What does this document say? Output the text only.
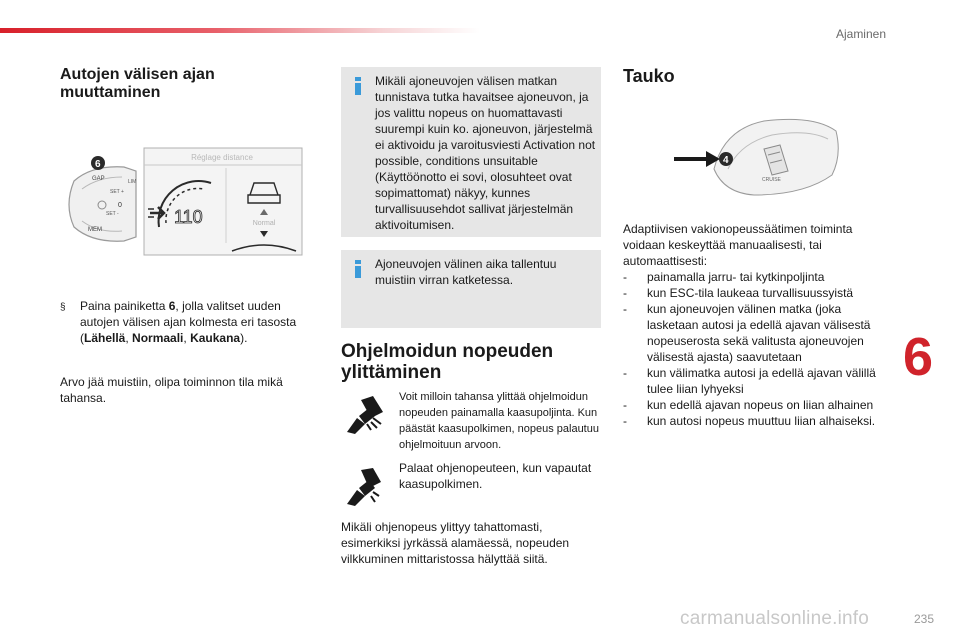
Ajaminen
6
carmanualsonline.info	235
Autojen välisen ajan muuttaminen
GAP
SET +
SET -
MEM
LIM
0
6
Réglage distance
110	Normal
§	Paina painiketta 6, jolla valitset uuden autojen välisen ajan kolmesta eri tasosta (Lähellä, Normaali, Kaukana).
Arvo jää muistiin, olipa toiminnon tila mikä tahansa.
Mikäli ajoneuvojen välisen matkan tunnistava tutka havaitsee ajoneuvon, ja jos valittu nopeus on huomattavasti suurempi kuin ko. ajoneuvon, järjestelmä ei aktivoidu ja varoitusviesti Activation not possible, conditions unsuitable (Käyttöönotto ei sovi, olosuhteet ovat sopimattomat) näkyy, kunnes turvallisuusehdot sallivat järjestelmän aktivoitumisen.
Ajoneuvojen välinen aika tallentuu muistiin virran katketessa.
Ohjelmoidun nopeuden ylittäminen
Voit milloin tahansa ylittää ohjelmoidun nopeuden painamalla kaasupoljinta. Kun päästät kaasupolkimen, nopeus palautuu ohjelmoituun arvoon.
Palaat ohjenopeuteen, kun vapautat kaasupolkimen.
Mikäli ohjenopeus ylittyy tahattomasti, esimerkiksi jyrkässä alamäessä, nopeuden vilkkuminen mittaristossa hälyttää siitä.
Tauko
CRUISE
4
Adaptiivisen vakionopeussäätimen toiminta voidaan keskeyttää manuaalisesti, tai automaattisesti:
-	painamalla jarru- tai kytkinpoljinta
-	kun ESC-tila laukeaa turvallisuussyistä
-	kun ajoneuvojen välinen matka (joka lasketaan autosi ja edellä ajavan välisestä nopeuserosta sekä valitusta ajoneuvojen välisestä ajasta) saavutetaan
-	kun välimatka autosi ja edellä ajavan välillä tulee liian lyhyeksi
-	kun edellä ajavan nopeus on liian alhainen
-	kun autosi nopeus muuttuu liian alhaiseksi.
